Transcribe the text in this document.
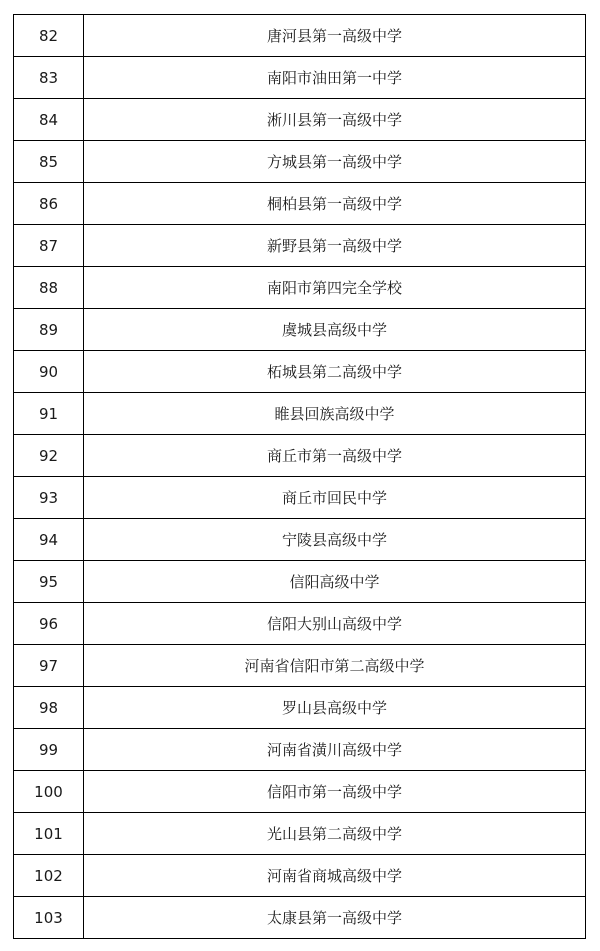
82	唐河县第一高级中学
83	南阳市油田第一中学
84	淅川县第一高级中学
85	方城县第一高级中学
86	桐柏县第一高级中学
87	新野县第一高级中学
88	南阳市第四完全学校
89	虞城县高级中学
90	柘城县第二高级中学
91	睢县回族高级中学
92	商丘市第一高级中学
93	商丘市回民中学
94	宁陵县高级中学
95	信阳高级中学
96	信阳大别山高级中学
97	河南省信阳市第二高级中学
98	罗山县高级中学
99	河南省潢川高级中学
100	信阳市第一高级中学
101	光山县第二高级中学
102	河南省商城高级中学
103	太康县第一高级中学
